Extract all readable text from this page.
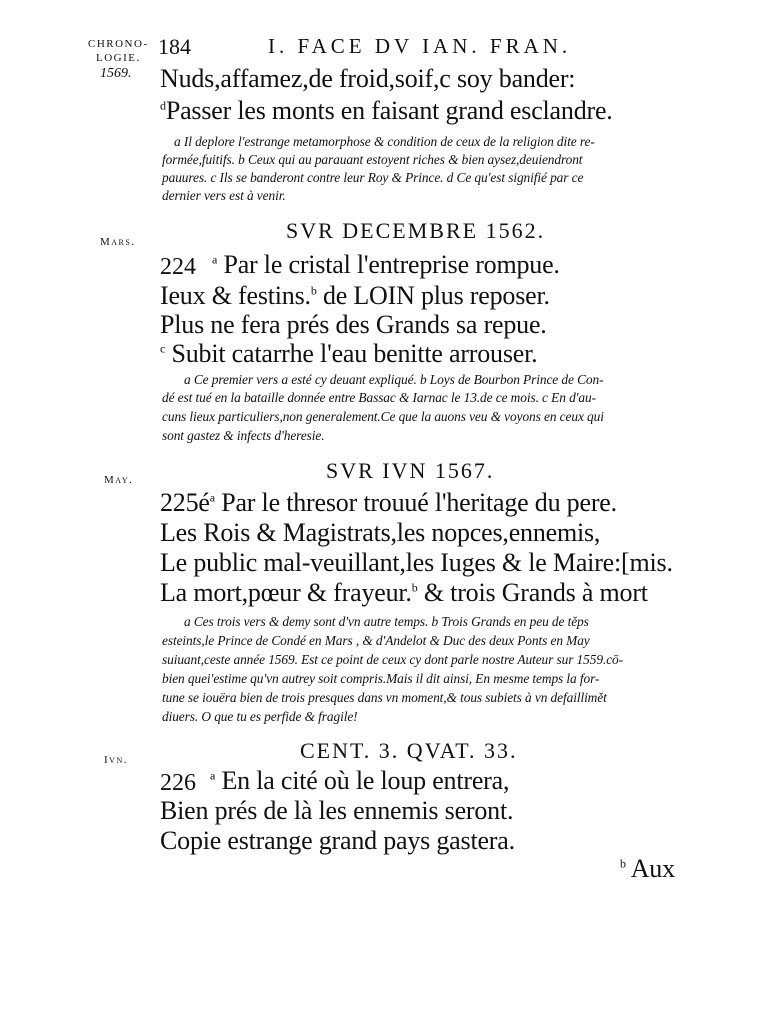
CHRONO-
LOGIE. 184	I. FACE DV IAN. FRAN.
1569. Nuds,affamez,de froid,soif,c soy bander:
$^d$Passer les monts en faisant grand esclandre.
a Il deplore l'estrange metamorphose & condition de ceux de la religion dite re-
formée,fuitifs. b Ceux qui au parauant estoyent riches & bien aysez,deuiendront
pauures. c Ils se banderont contre leur Roy & Prince. d Ce qu'est signifié par ce
dernier vers est à venir.
SVR DECEMBRE 1562.
Mars.
224 $^a$ Par le cristal l'entreprise rompue.
Ieux & festins.$^b$ de LOIN plus reposer.
Plus ne fera prés des Grands sa repue.
$^c$ Subit catarrhe l'eau benitte arrouser.
a Ce premier vers a esté cy deuant expliqué. b Loys de Bourbon Prince de Con-
dé est tué en la bataille donnée entre Bassac & Iarnac le 13.de ce mois. c En d'au-
cuns lieux particuliers,non generalement.Ce que la auons veu & voyons en ceux qui
sont gastez & infects d'heresie.
SVR IVN 1567.
May.
$225é^a$ Par le thresor trouué l'heritage du pere.
Les Rois & Magistrats,les nopces,ennemis,
Le public mal-veuillant,les Iuges & le Maire:[mis.
La mort,pœur & frayeur.$^b$ & trois Grands à mort
a Ces trois vers & demy sont d'vn autre temps. b Trois Grands en peu de těps
esteints,le Prince de Condé en Mars , & d'Andelot & Duc des deux Ponts en May
suiuant,ceste année 1569. Est ce point de ceux cy dont parle nostre Auteur sur 1559.cō-
bien quei'estime qu'vn autrey soit compris.Mais il dit ainsi, En mesme temps la for-
tune se iouëra bien de trois presques dans vn moment,& tous subiets à vn defaillimět
diuers. O que tu es perfide & fragile!
CENT. 3. QVAT. 33.
Ivn.
226 $^a$ En la cité où le loup entrera,
Bien prés de là les ennemis seront.
Copie estrange grand pays gastera.
$^b$ Aux
